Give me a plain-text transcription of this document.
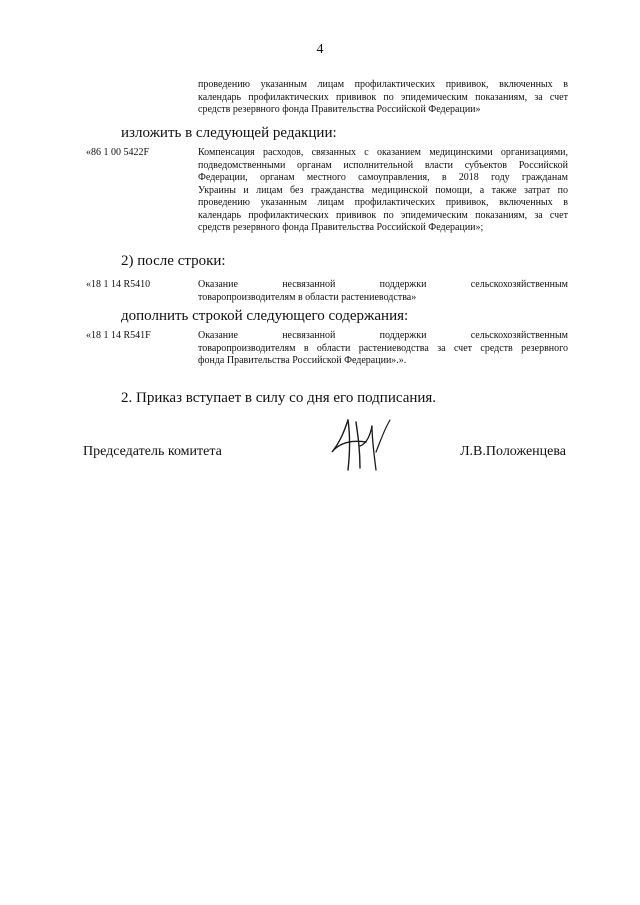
4
проведению указанным лицам профилактических прививок, включенных в
календарь профилактических прививок по эпидемическим показаниям, за счет
средств резервного фонда Правительства Российской Федерации»
изложить в следующей редакции:
«86 1 00 5422F	Компенсация расходов, связанных с оказанием медицинскими организациями,
подведомственными органам исполнительной власти субъектов Российской
Федерации, органам местного самоуправления, в 2018 году гражданам
Украины и лицам без гражданства медицинской помощи, а также затрат по
проведению указанным лицам профилактических прививок, включенных в
календарь профилактических прививок по эпидемическим показаниям, за счет
средств резервного фонда Правительства Российской Федерации»;
2) после строки:
«18 1 14 R5410	Оказание несвязанной поддержки сельскохозяйственным
товаропроизводителям в области растениеводства»
дополнить строкой следующего содержания:
«18 1 14 R541F	Оказание несвязанной поддержки сельскохозяйственным
товаропроизводителям в области растениеводства за счет средств резервного
фонда Правительства Российской Федерации».».
2. Приказ вступает в силу со дня его подписания.
Председатель комитета	Л.В.Положенцева
